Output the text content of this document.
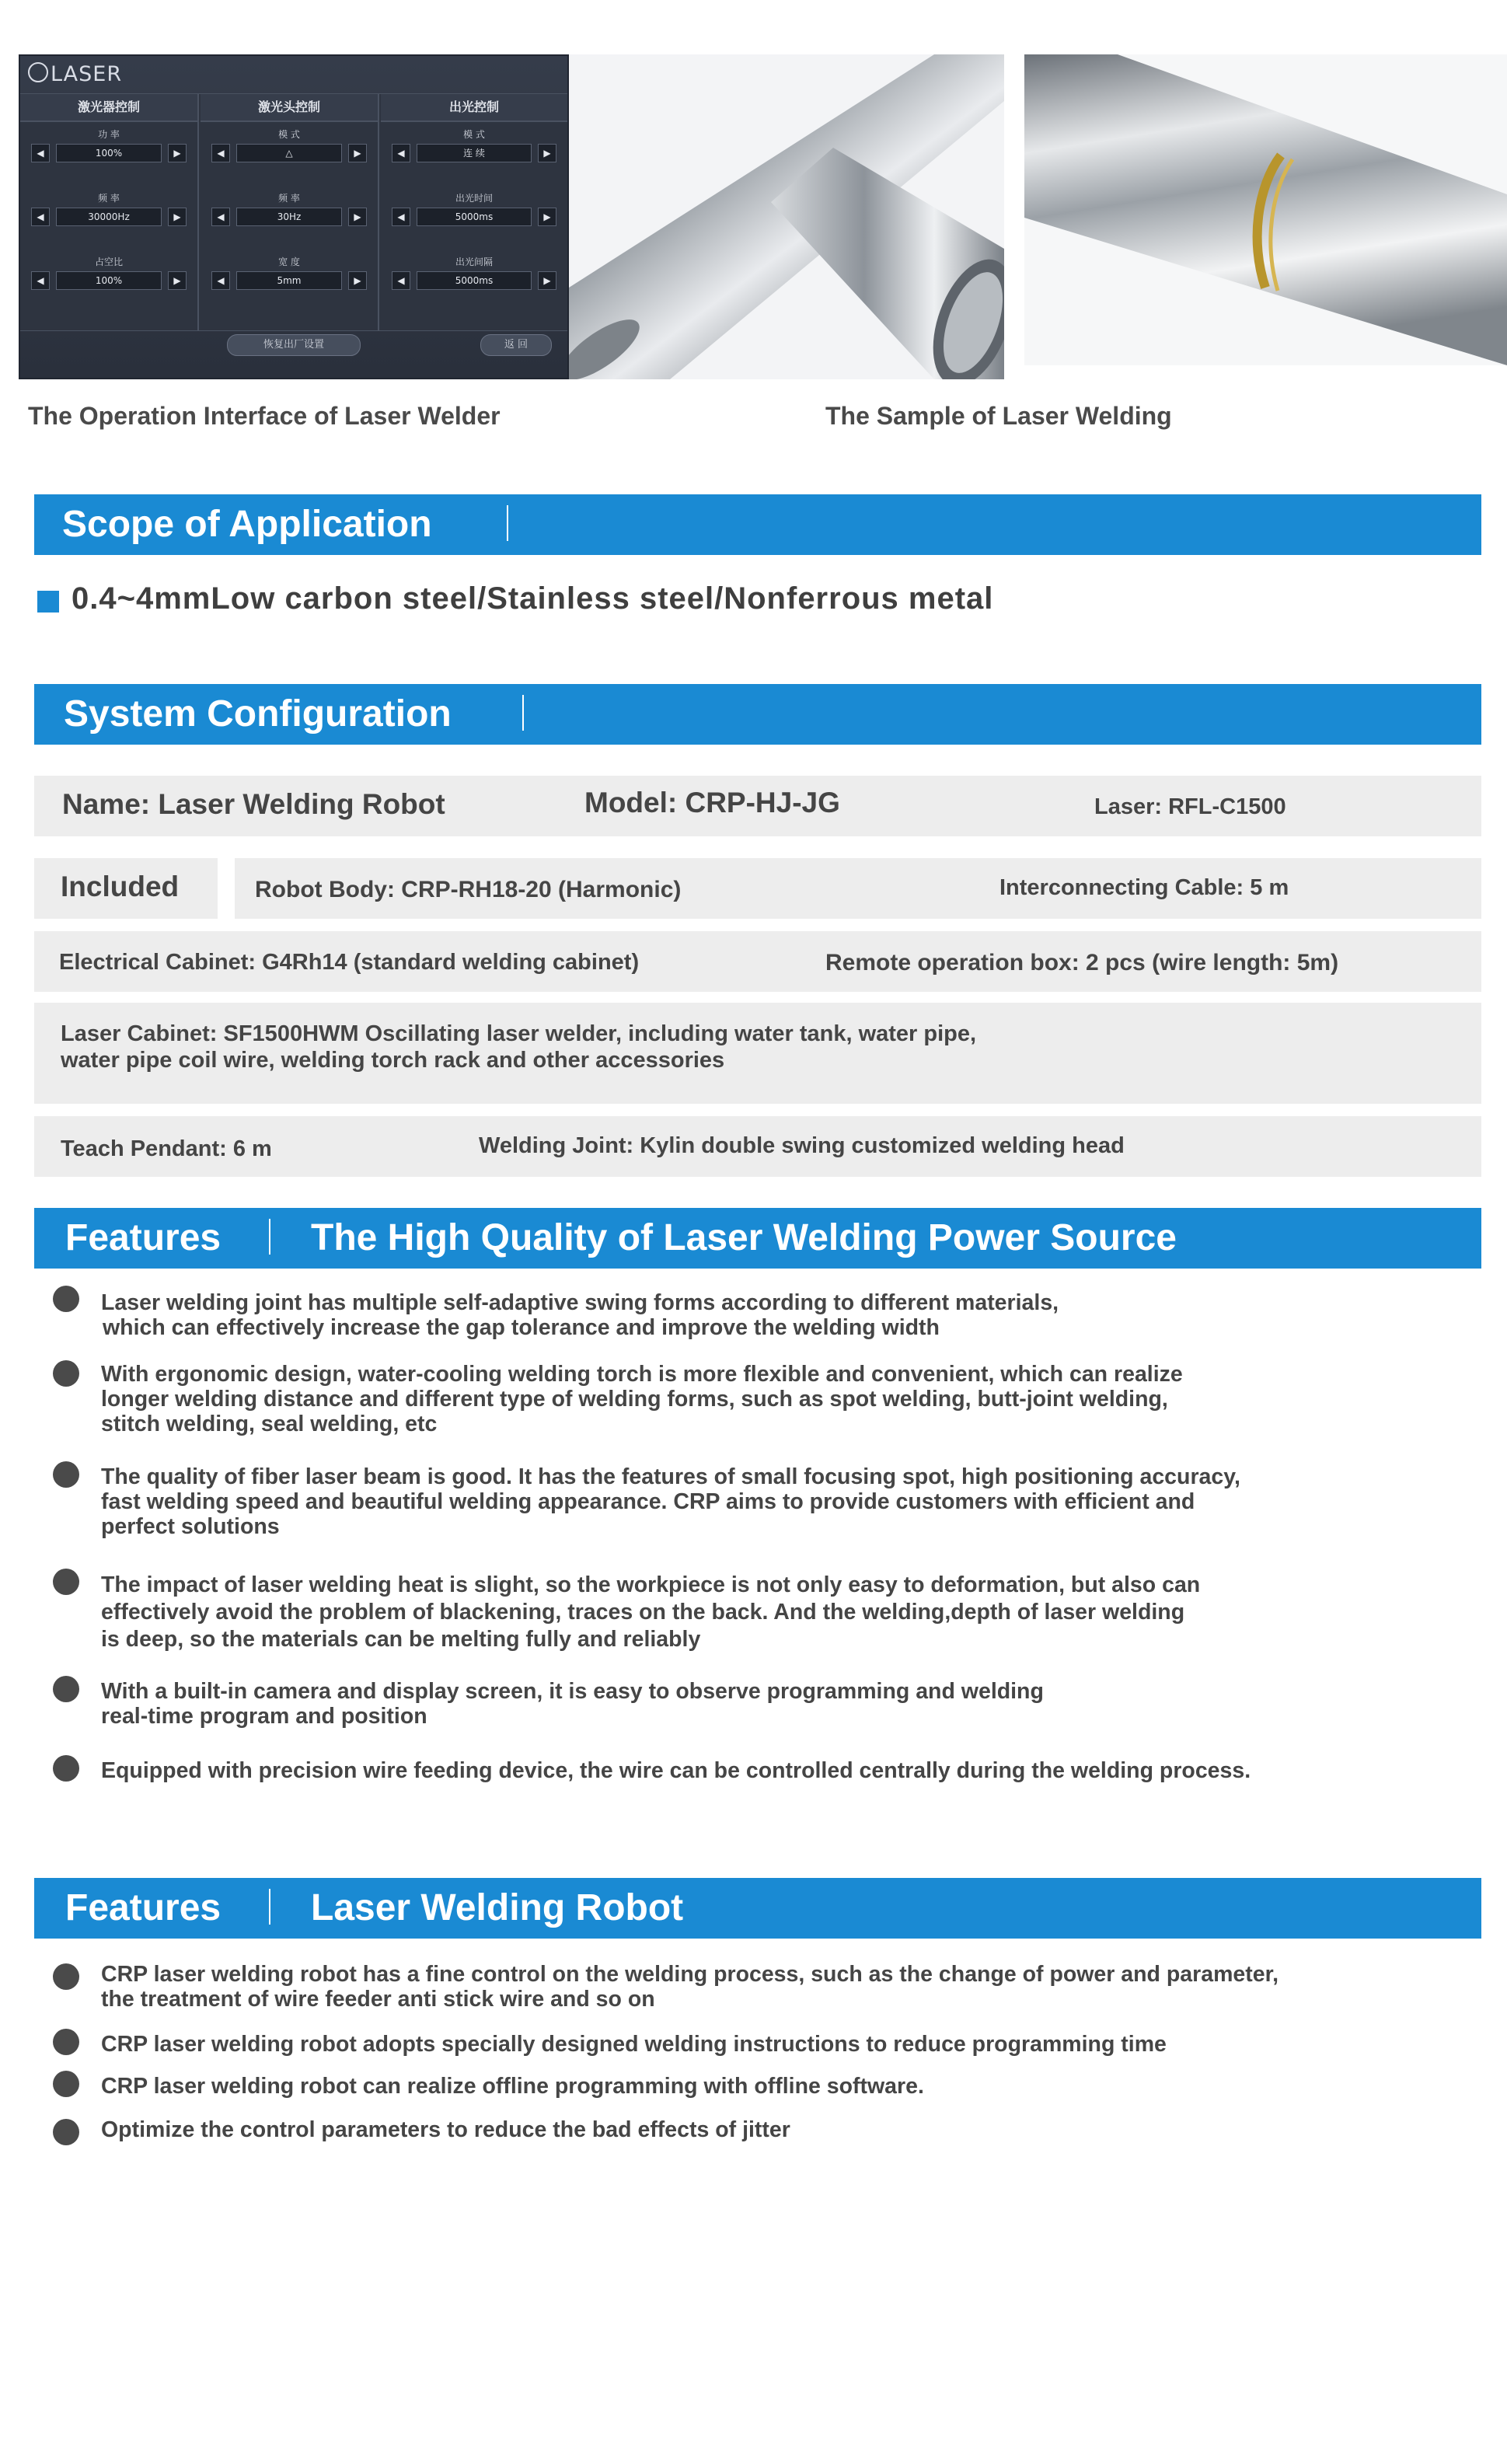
LASER
激光器控制
功 率
◀	100%	▶
频 率
◀	30000Hz	▶
占空比
◀	100%	▶
激光头控制
模 式
◀	△	▶
频 率
◀	30Hz	▶
宽 度
◀	5mm	▶
出光控制
模 式
◀	连 续	▶
出光时间
◀	5000ms	▶
出光间隔
◀	5000ms	▶
恢复出厂设置	返 回
The Operation Interface of Laser Welder	The Sample of Laser Welding
Scope of Application
0.4~4mmLow carbon steel/Stainless steel/Nonferrous metal
System Configuration
Name: Laser Welding Robot	Model: CRP-HJ-JG	Laser: RFL-C1500
Included	Robot Body: CRP-RH18-20 (Harmonic)	Interconnecting Cable: 5 m
Electrical Cabinet: G4Rh14 (standard welding cabinet)	Remote operation box: 2 pcs (wire length: 5m)
Laser Cabinet: SF1500HWM Oscillating laser welder, including water tank, water pipe,
water pipe coil wire, welding torch rack and other accessories
Teach Pendant: 6 m	Welding Joint: Kylin double swing customized welding head
Features The High Quality of Laser Welding Power Source
Laser welding joint has multiple self-adaptive swing forms according to different materials,
which can effectively increase the gap tolerance and improve the welding width
With ergonomic design, water-cooling welding torch is more flexible and convenient, which can realize
longer welding distance and different type of welding forms, such as spot welding, butt-joint welding,
stitch welding, seal welding, etc
The quality of fiber laser beam is good. It has the features of small focusing spot, high positioning accuracy,
fast welding speed and beautiful welding appearance. CRP aims to provide customers with efficient and
perfect solutions
The impact of laser welding heat is slight, so the workpiece is not only easy to deformation, but also can
effectively avoid the problem of blackening, traces on the back. And the welding,depth of laser welding
is deep, so the materials can be melting fully and reliably
With a built-in camera and display screen, it is easy to observe programming and welding
real-time program and position
Equipped with precision wire feeding device, the wire can be controlled centrally during the welding process.
Features Laser Welding Robot
CRP laser welding robot has a fine control on the welding process, such as the change of power and parameter,
the treatment of wire feeder anti stick wire and so on
CRP laser welding robot adopts specially designed welding instructions to reduce programming time
CRP laser welding robot can realize offline programming with offline software.
Optimize the control parameters to reduce the bad effects of jitter
